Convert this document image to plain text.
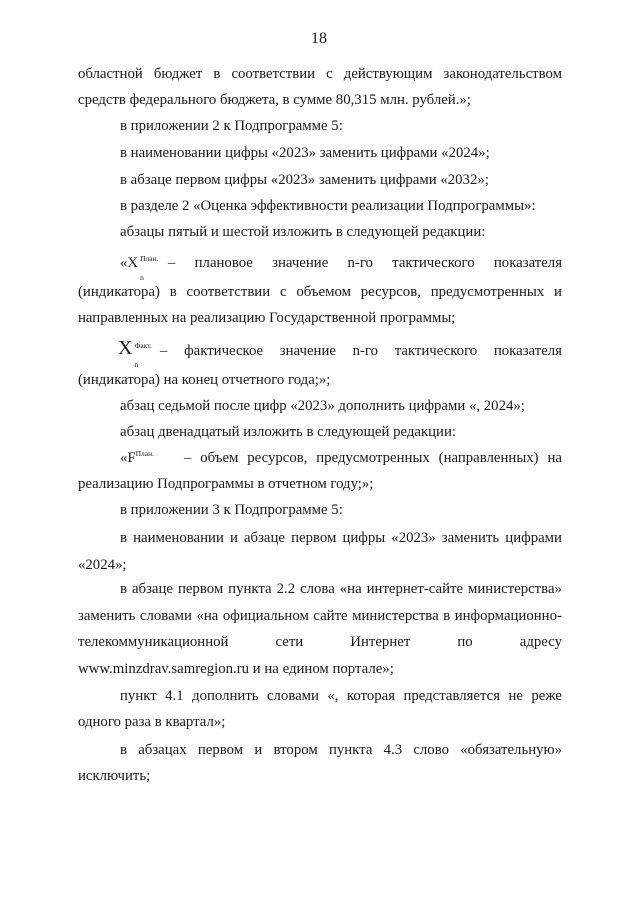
18
областной бюджет в соответствии с действующим законодательством
средств федерального бюджета, в сумме 80,315 млн. рублей.»;
в приложении 2 к Подпрограмме 5:
в наименовании цифры «2023» заменить цифрами «2024»;
в абзаце первом цифры «2023» заменить цифрами «2032»;
в разделе 2 «Оценка эффективности реализации Подпрограммы»:
абзацы пятый и шестой изложить в следующей редакции:
«X План.
n
– плановое значение n-го тактического показателя
(индикатора) в соответствии с объемом ресурсов, предусмотренных и
направленных на реализацию Государственной программы;
X Факт.
n
– фактическое значение n-го тактического показателя
(индикатора) на конец отчетного года;»;
абзац седьмой после цифр «2023» дополнить цифрами «, 2024»;
абзац двенадцатый изложить в следующей редакции:
«$F^{План.}$ – объем ресурсов, предусмотренных (направленных) на
реализацию Подпрограммы в отчетном году;»;
в приложении 3 к Подпрограмме 5:
в наименовании и абзаце первом цифры «2023» заменить цифрами
«2024»;
в абзаце первом пункта 2.2 слова «на интернет-сайте министерства»
заменить словами «на официальном сайте министерства в информационно-
телекоммуникационной	сети	Интернет	по	адресу
www.minzdrav.samregion.ru и на едином портале»;
пункт 4.1 дополнить словами «, которая представляется не реже
одного раза в квартал»;
в абзацах первом и втором пункта 4.3 слово «обязательную»
исключить;
